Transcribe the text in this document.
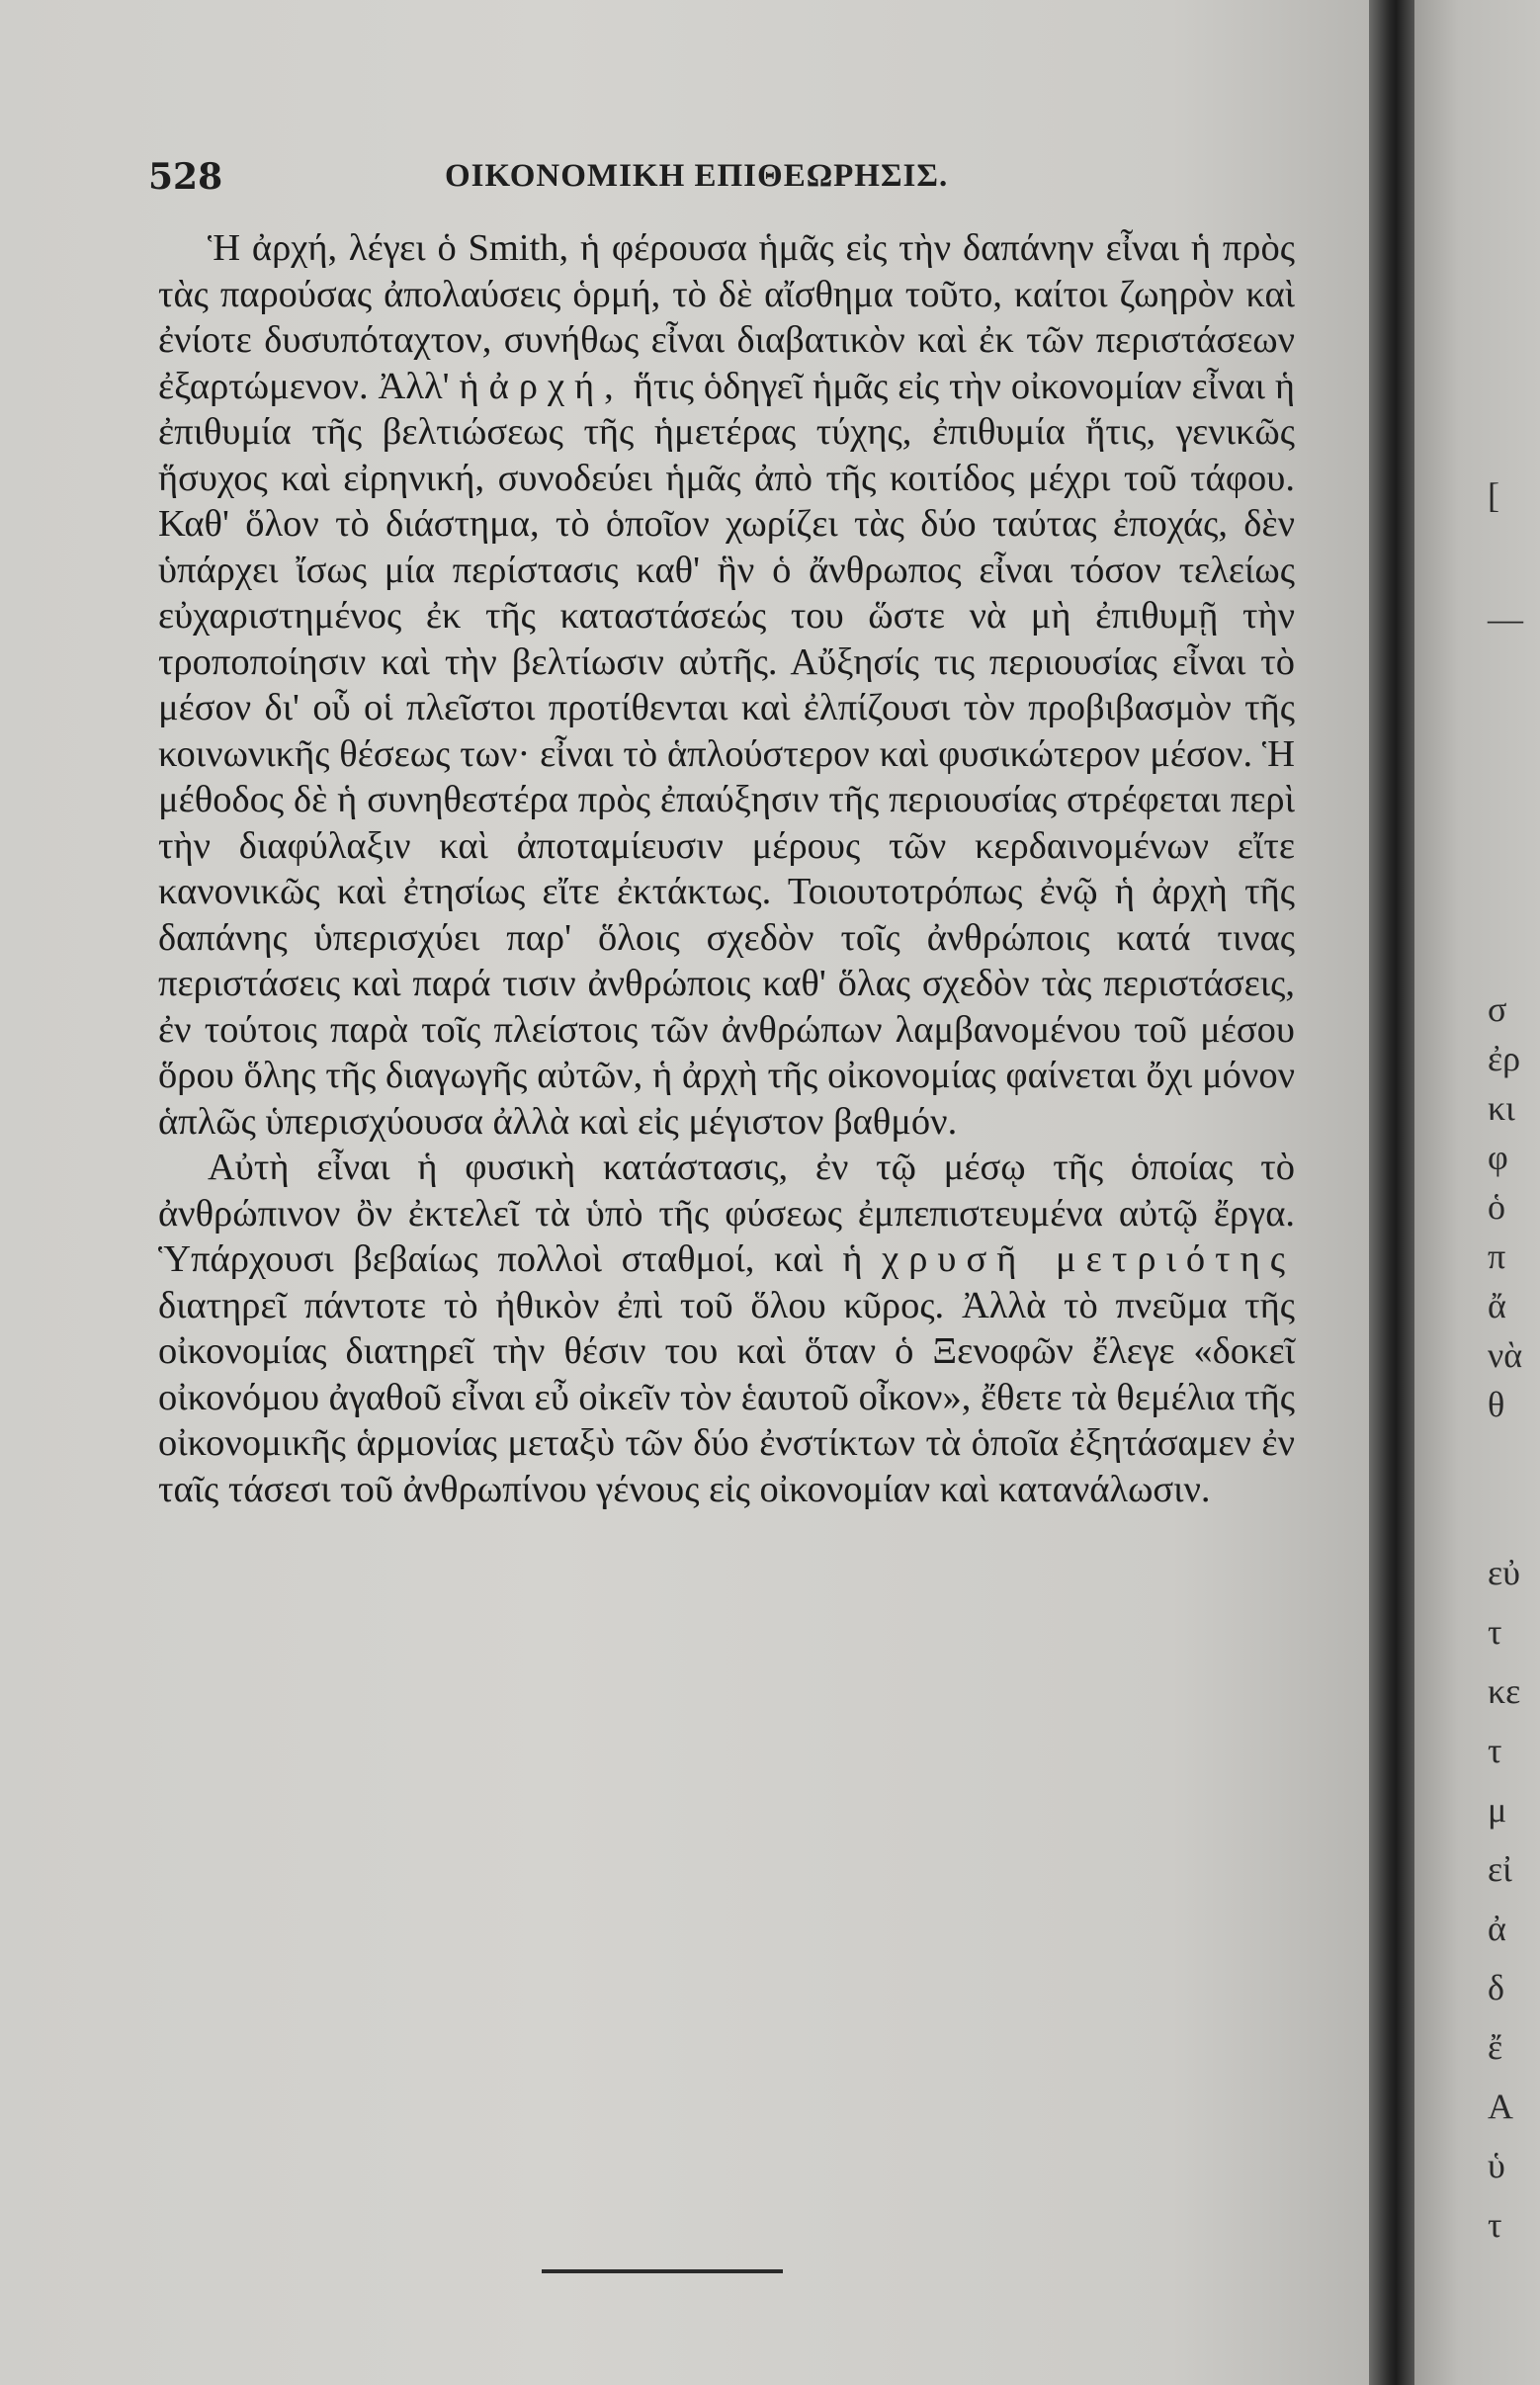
528	ΟΙΚΟΝΟΜΙΚΗ ΕΠΙΘΕΩΡΗΣΙΣ.

Ἡ ἀρχή, λέγει ὁ Smith, ἡ φέρουσα ἡμᾶς εἰς τὴν δαπάνην εἶναι ἡ πρὸς τὰς παρούσας ἀπολαύσεις ὁρμή, τὸ δὲ αἴσθημα τοῦτο, καίτοι ζωηρὸν καὶ ἐνίοτε δυσυπόταχτον, συνήθως εἶναι διαβατικὸν καὶ ἐκ τῶν περιστάσεων ἐξαρτώμενον. Ἀλλ' ἡ ἀρχή, ἥτις ὁδηγεῖ ἡμᾶς εἰς τὴν οἰκονομίαν εἶναι ἡ ἐπιθυμία τῆς βελτιώσεως τῆς ἡμετέρας τύχης, ἐπιθυμία ἥτις, γενικῶς ἥσυχος καὶ εἰρηνική, συνοδεύει ἡμᾶς ἀπὸ τῆς κοιτίδος μέχρι τοῦ τάφου. Καθ' ὅλον τὸ διάστημα, τὸ ὁποῖον χωρίζει τὰς δύο ταύτας ἐποχάς, δὲν ὑπάρχει ἴσως μία περίστασις καθ' ἣν ὁ ἄνθρωπος εἶναι τόσον τελείως εὐχαριστημένος ἐκ τῆς καταστάσεώς του ὥστε νὰ μὴ ἐπιθυμῇ τὴν τροποποίησιν καὶ τὴν βελτίωσιν αὐτῆς. Αὔξησίς τις περιουσίας εἶναι τὸ μέσον δι' οὗ οἱ πλεῖστοι προτίθενται καὶ ἐλπίζουσι τὸν προβιβασμὸν τῆς κοινωνικῆς θέσεως των· εἶναι τὸ ἁπλούστερον καὶ φυσικώτερον μέσον. Ἡ μέθοδος δὲ ἡ συνηθεστέρα πρὸς ἐπαύξησιν τῆς περιουσίας στρέφεται περὶ τὴν διαφύλαξιν καὶ ἀποταμίευσιν μέρους τῶν κερδαινομένων εἴτε κανονικῶς καὶ ἐτησίως εἴτε ἐκτάκτως. Τοιουτοτρόπως ἐνῷ ἡ ἀρχὴ τῆς δαπάνης ὑπερισχύει παρ' ὅλοις σχεδὸν τοῖς ἀνθρώποις κατά τινας περιστάσεις καὶ παρά τισιν ἀνθρώποις καθ' ὅλας σχεδὸν τὰς περιστάσεις, ἐν τούτοις παρὰ τοῖς πλείστοις τῶν ἀνθρώπων λαμβανομένου τοῦ μέσου ὅρου ὅλης τῆς διαγωγῆς αὐτῶν, ἡ ἀρχὴ τῆς οἰκονομίας φαίνεται ὄχι μόνον ἁπλῶς ὑπερισχύουσα ἀλλὰ καὶ εἰς μέγιστον βαθμόν.

Αὐτὴ εἶναι ἡ φυσικὴ κατάστασις, ἐν τῷ μέσῳ τῆς ὁποίας τὸ ἀνθρώπινον ὂν ἐκτελεῖ τὰ ὑπὸ τῆς φύσεως ἐμπεπιστευμένα αὐτῷ ἔργα. Ὑπάρχουσι βεβαίως πολλοὶ σταθμοί, καὶ ἡ χρυσῆ μετριότης διατηρεῖ πάντοτε τὸ ἠθικὸν ἐπὶ τοῦ ὅλου κῦρος. Ἀλλὰ τὸ πνεῦμα τῆς οἰκονομίας διατηρεῖ τὴν θέσιν του καὶ ὅταν ὁ Ξενοφῶν ἔλεγε «δοκεῖ οἰκονόμου ἀγαθοῦ εἶναι εὖ οἰκεῖν τὸν ἑαυτοῦ οἶκον», ἔθετε τὰ θεμέλια τῆς οἰκονομικῆς ἁρμονίας μεταξὺ τῶν δύο ἐνστίκτων τὰ ὁποῖα ἐξητάσαμεν ἐν ταῖς τάσεσι τοῦ ἀνθρωπίνου γένους εἰς οἰκονομίαν καὶ κατανάλωσιν.

[
—
σ
ἐρ
κι
φ
ὁ
π
ἄ
νὰ
θ
εὐ
τ
κε
τ
μ
εἰ
ἀ
δ
ἔ
Α
ὑ
τ
